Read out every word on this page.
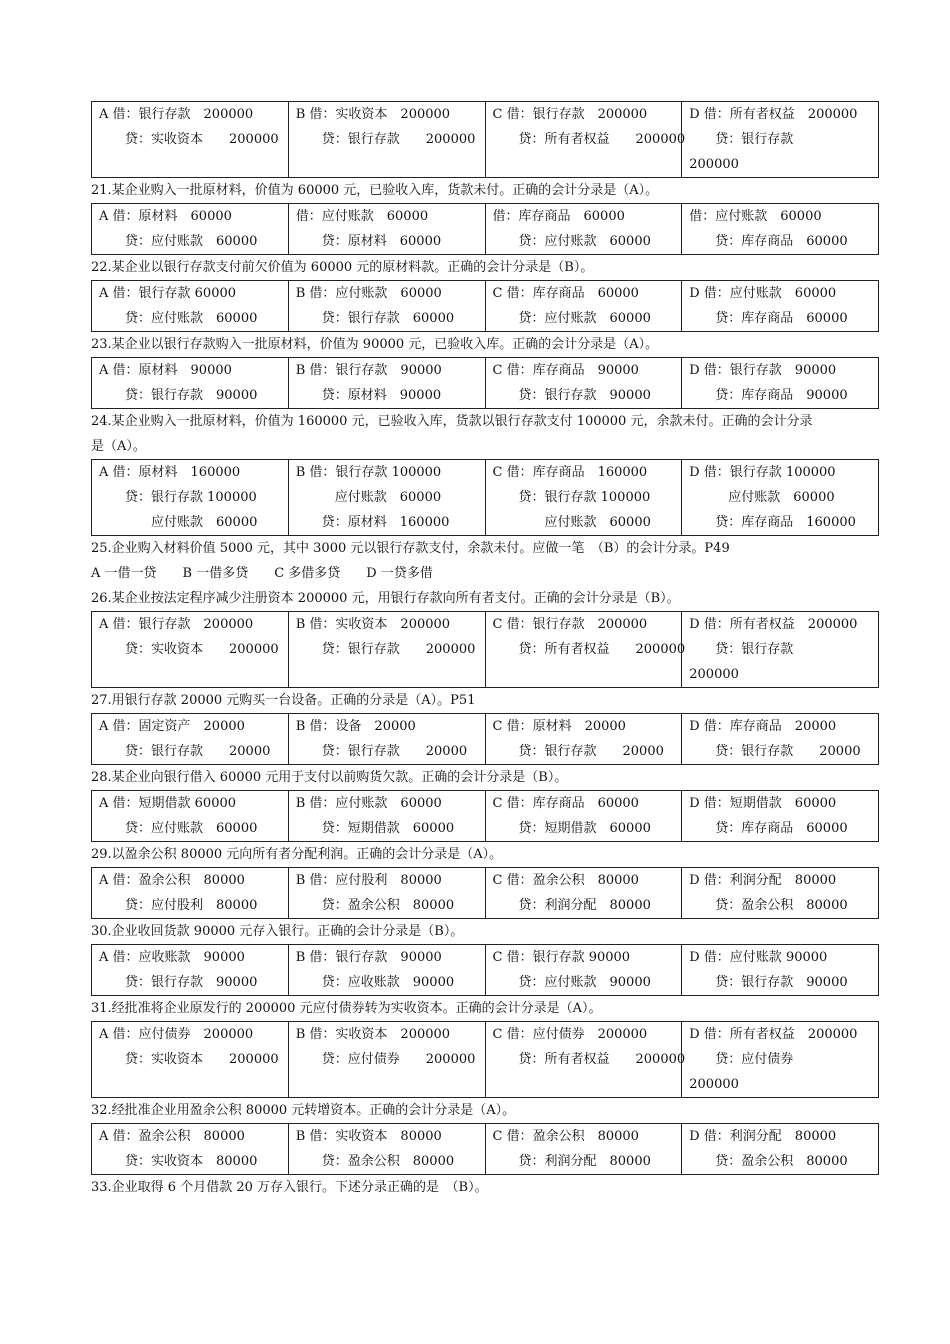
A 借：银行存款　200000
　　贷：实收资本　　200000

B 借：实收资本　200000
　　贷：银行存款　　200000

C 借：银行存款　200000
　　贷：所有者权益　　200000

D 借：所有者权益　200000
　　贷：银行存款
200000
21.某企业购入一批原材料，价值为 60000 元，已验收入库，货款未付。正确的会计分录是（A）。
A 借：原材料　60000
　　贷：应付账款　60000

借：应付账款　60000
　　贷：原材料　60000

借：库存商品　60000
　　贷：应付账款　60000

借：应付账款　60000
　　贷：库存商品　60000
22.某企业以银行存款支付前欠价值为 60000 元的原材料款。正确的会计分录是（B）。
A 借：银行存款 60000
　　贷：应付账款　60000

B 借：应付账款　60000
　　贷：银行存款　60000

C 借：库存商品　60000
　　贷：应付账款　60000

D 借：应付账款　60000
　　贷：库存商品　60000
23.某企业以银行存款购入一批原材料，价值为 90000 元，已验收入库。正确的会计分录是（A）。
A 借：原材料　90000
　　贷：银行存款　90000

B 借：银行存款　90000
　　贷：原材料　90000

C 借：库存商品　90000
　　贷：银行存款　90000

D 借：银行存款　90000
　　贷：库存商品　90000
24.某企业购入一批原材料，价值为 160000 元，已验收入库，货款以银行存款支付 100000 元，余款未付。正确的会计分录
是（A）。
A 借：原材料　160000
　　贷：银行存款 100000
　　　　应付账款　60000

B 借：银行存款 100000
　　　应付账款　60000
　　贷：原材料　160000

C 借：库存商品　160000
　　贷：银行存款 100000
　　　　应付账款　60000

D 借：银行存款 100000
　　　应付账款　60000
　　贷：库存商品　160000
25.企业购入材料价值 5000 元，其中 3000 元以银行存款支付，余款未付。应做一笔　（B）的会计分录。P49
A 一借一贷　　B 一借多贷　　C 多借多贷　　D 一贷多借
26.某企业按法定程序减少注册资本 200000 元，用银行存款向所有者支付。正确的会计分录是（B）。
A 借：银行存款　200000
　　贷：实收资本　　200000

B 借：实收资本　200000
　　贷：银行存款　　200000

C 借：银行存款　200000
　　贷：所有者权益　　200000

D 借：所有者权益　200000
　　贷：银行存款
200000
27.用银行存款 20000 元购买一台设备。正确的分录是（A）。P51
A 借：固定资产　20000
　　贷：银行存款　　20000

B 借：设备　20000
　　贷：银行存款　　20000

C 借：原材料　20000
　　贷：银行存款　　20000

D 借：库存商品　20000
　　贷：银行存款　　20000
28.某企业向银行借入 60000 元用于支付以前购货欠款。正确的会计分录是（B）。
A 借：短期借款 60000
　　贷：应付账款　60000

B 借：应付账款　60000
　　贷：短期借款　60000

C 借：库存商品　60000
　　贷：短期借款　60000

D 借：短期借款　60000
　　贷：库存商品　60000
29.以盈余公积 80000 元向所有者分配利润。正确的会计分录是（A）。
A 借：盈余公积　80000
　　贷：应付股利　80000

B 借：应付股利　80000
　　贷：盈余公积　80000

C 借：盈余公积　80000
　　贷：利润分配　80000

D 借：利润分配　80000
　　贷：盈余公积　80000
30.企业收回货款 90000 元存入银行。正确的会计分录是（B）。
A 借：应收账款　90000
　　贷：银行存款　90000

B 借：银行存款　90000
　　贷：应收账款　90000

C 借：银行存款 90000
　　贷：应付账款　90000

D 借：应付账款 90000
　　贷：银行存款　90000
31.经批准将企业原发行的 200000 元应付债券转为实收资本。正确的会计分录是（A）。
A 借：应付债券　200000
　　贷：实收资本　　200000

B 借：实收资本　200000
　　贷：应付债券　　200000

C 借：应付债券　200000
　　贷：所有者权益　　200000

D 借：所有者权益　200000
　　贷：应付债券
200000
32.经批准企业用盈余公积 80000 元转增资本。正确的会计分录是（A）。
A 借：盈余公积　80000
　　贷：实收资本　80000

B 借：实收资本　80000
　　贷：盈余公积　80000

C 借：盈余公积　80000
　　贷：利润分配　80000

D 借：利润分配　80000
　　贷：盈余公积　80000
33.企业取得 6 个月借款 20 万存入银行。下述分录正确的是　（B）。
